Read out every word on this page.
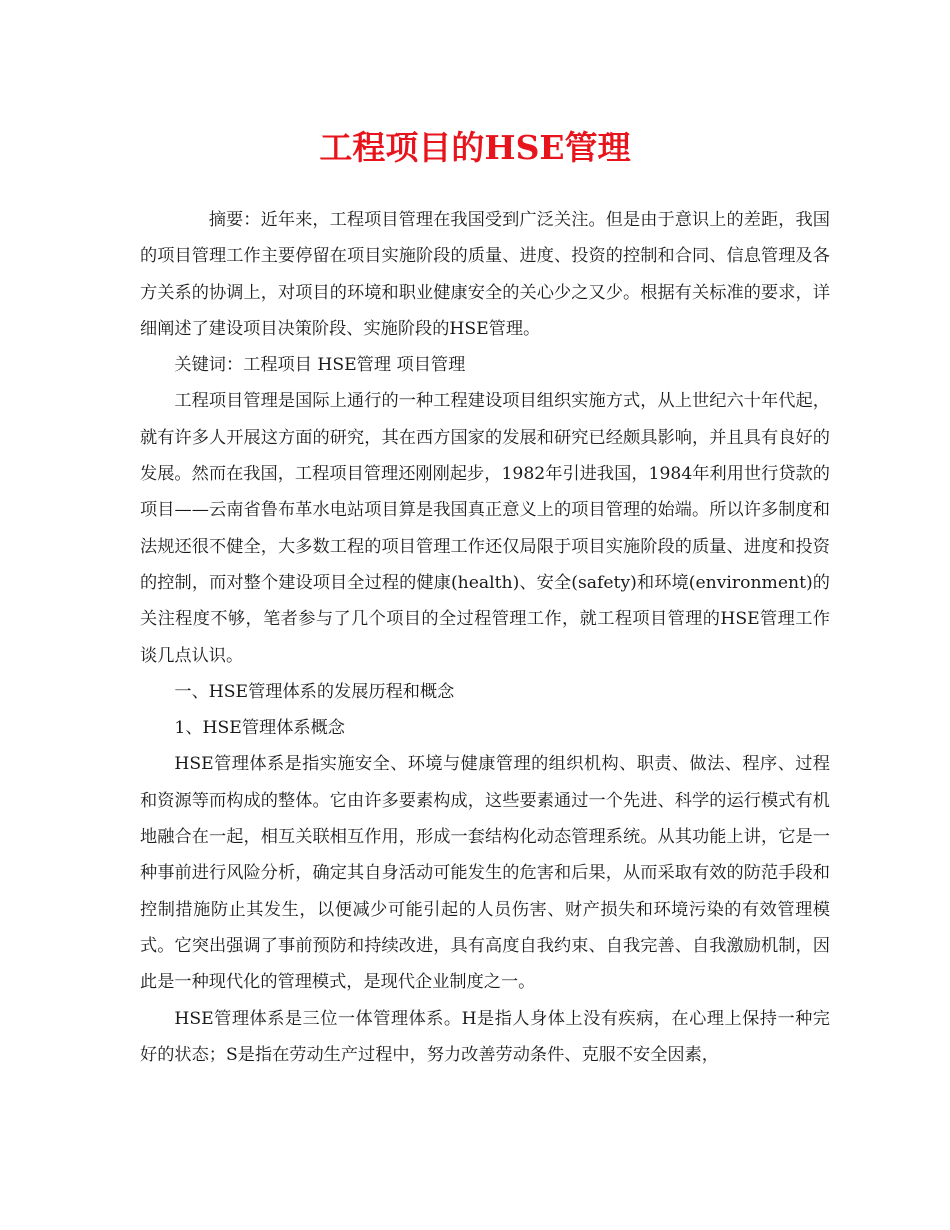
工程项目的HSE管理

摘要：近年来，工程项目管理在我国受到广泛关注。但是由于意识上的差距，我国的项目管理工作主要停留在项目实施阶段的质量、进度、投资的控制和合同、信息管理及各方关系的协调上，对项目的环境和职业健康安全的关心少之又少。根据有关标准的要求，详细阐述了建设项目决策阶段、实施阶段的HSE管理。

关键词：工程项目 HSE管理 项目管理

工程项目管理是国际上通行的一种工程建设项目组织实施方式，从上世纪六十年代起，就有许多人开展这方面的研究，其在西方国家的发展和研究已经颇具影响，并且具有良好的发展。然而在我国，工程项目管理还刚刚起步，1982年引进我国，1984年利用世行贷款的项目——云南省鲁布革水电站项目算是我国真正意义上的项目管理的始端。所以许多制度和法规还很不健全，大多数工程的项目管理工作还仅局限于项目实施阶段的质量、进度和投资的控制，而对整个建设项目全过程的健康(health)、安全(safety)和环境(environment)的关注程度不够，笔者参与了几个项目的全过程管理工作，就工程项目管理的HSE管理工作谈几点认识。

一、HSE管理体系的发展历程和概念

1、HSE管理体系概念

HSE管理体系是指实施安全、环境与健康管理的组织机构、职责、做法、程序、过程和资源等而构成的整体。它由许多要素构成，这些要素通过一个先进、科学的运行模式有机地融合在一起，相互关联相互作用，形成一套结构化动态管理系统。从其功能上讲，它是一种事前进行风险分析，确定其自身活动可能发生的危害和后果，从而采取有效的防范手段和控制措施防止其发生，以便减少可能引起的人员伤害、财产损失和环境污染的有效管理模式。它突出强调了事前预防和持续改进，具有高度自我约束、自我完善、自我激励机制，因此是一种现代化的管理模式，是现代企业制度之一。

HSE管理体系是三位一体管理体系。H是指人身体上没有疾病，在心理上保持一种完好的状态；S是指在劳动生产过程中，努力改善劳动条件、克服不安全因素，
